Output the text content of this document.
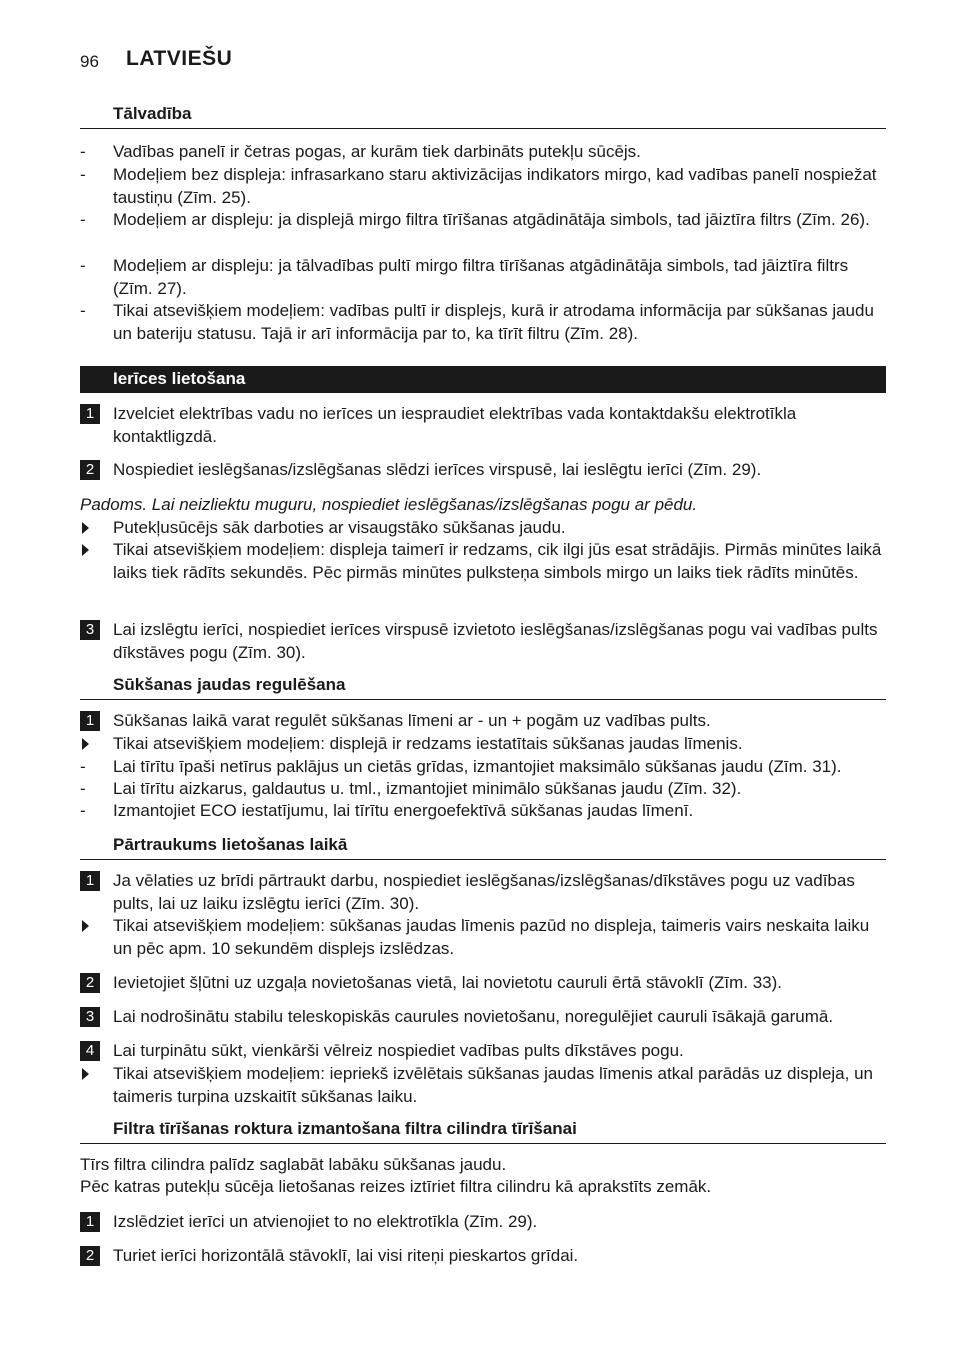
96 LATVIEŠU
Tālvadība
-	Vadības panelī ir četras pogas, ar kurām tiek darbināts putekļu sūcējs.
-	Modeļiem bez displeja: infrasarkano staru aktivizācijas indikators mirgo, kad vadības panelī nospiežat taustiņu (Zīm. 25).
-	Modeļiem ar displeju: ja displejā mirgo filtra tīrīšanas atgādinātāja simbols, tad jāiztīra filtrs (Zīm. 26).
-	Modeļiem ar displeju: ja tālvadības pultī mirgo filtra tīrīšanas atgādinātāja simbols, tad jāiztīra filtrs (Zīm. 27).
-	Tikai atsevišķiem modeļiem: vadības pultī ir displejs, kurā ir atrodama informācija par sūkšanas jaudu un bateriju statusu. Tajā ir arī informācija par to, ka tīrīt filtru (Zīm. 28).
Ierīces lietošana
1	Izvelciet elektrības vadu no ierīces un iespraudiet elektrības vada kontaktdakšu elektrotīkla kontaktligzdā.
2	Nospiediet ieslēgšanas/izslēgšanas slēdzi ierīces virspusē, lai ieslēgtu ierīci (Zīm. 29).
Padoms. Lai neizliektu muguru, nospiediet ieslēgšanas/izslēgšanas pogu ar pēdu.
Putekļusūcējs sāk darboties ar visaugstāko sūkšanas jaudu.
Tikai atsevišķiem modeļiem: displeja taimerī ir redzams, cik ilgi jūs esat strādājis. Pirmās minūtes laikā laiks tiek rādīts sekundēs. Pēc pirmās minūtes pulksteņa simbols mirgo un laiks tiek rādīts minūtēs.
3	Lai izslēgtu ierīci, nospiediet ierīces virspusē izvietoto ieslēgšanas/izslēgšanas pogu vai vadības pults dīkstāves pogu (Zīm. 30).
Sūkšanas jaudas regulēšana
1	Sūkšanas laikā varat regulēt sūkšanas līmeni ar - un + pogām uz vadības pults.
Tikai atsevišķiem modeļiem: displejā ir redzams iestatītais sūkšanas jaudas līmenis.
-	Lai tīrītu īpaši netīrus paklājus un cietās grīdas, izmantojiet maksimālo sūkšanas jaudu (Zīm. 31).
-	Lai tīrītu aizkarus, galdautus u. tml., izmantojiet minimālo sūkšanas jaudu (Zīm. 32).
-	Izmantojiet ECO iestatījumu, lai tīrītu energoefektīvā sūkšanas jaudas līmenī.
Pārtraukums lietošanas laikā
1	Ja vēlaties uz brīdi pārtraukt darbu, nospiediet ieslēgšanas/izslēgšanas/dīkstāves pogu uz vadības pults, lai uz laiku izslēgtu ierīci (Zīm. 30).
Tikai atsevišķiem modeļiem: sūkšanas jaudas līmenis pazūd no displeja, taimeris vairs neskaita laiku un pēc apm. 10 sekundēm displejs izslēdzas.
2	Ievietojiet šļūtni uz uzgaļa novietošanas vietā, lai novietotu cauruli ērtā stāvoklī (Zīm. 33).
3	Lai nodrošinātu stabilu teleskopiskās caurules novietošanu, noregulējiet cauruli īsākajā garumā.
4	Lai turpinātu sūkt, vienkārši vēlreiz nospiediet vadības pults dīkstāves pogu.
Tikai atsevišķiem modeļiem: iepriekš izvēlētais sūkšanas jaudas līmenis atkal parādās uz displeja, un taimeris turpina uzskaitīt sūkšanas laiku.
Filtra tīrīšanas roktura izmantošana filtra cilindra tīrīšanai
Tīrs filtra cilindra palīdz saglabāt labāku sūkšanas jaudu.
Pēc katras putekļu sūcēja lietošanas reizes iztīriet filtra cilindru kā aprakstīts zemāk.
1	Izslēdziet ierīci un atvienojiet to no elektrotīkla (Zīm. 29).
2	Turiet ierīci horizontālā stāvoklī, lai visi riteņi pieskartos grīdai.
